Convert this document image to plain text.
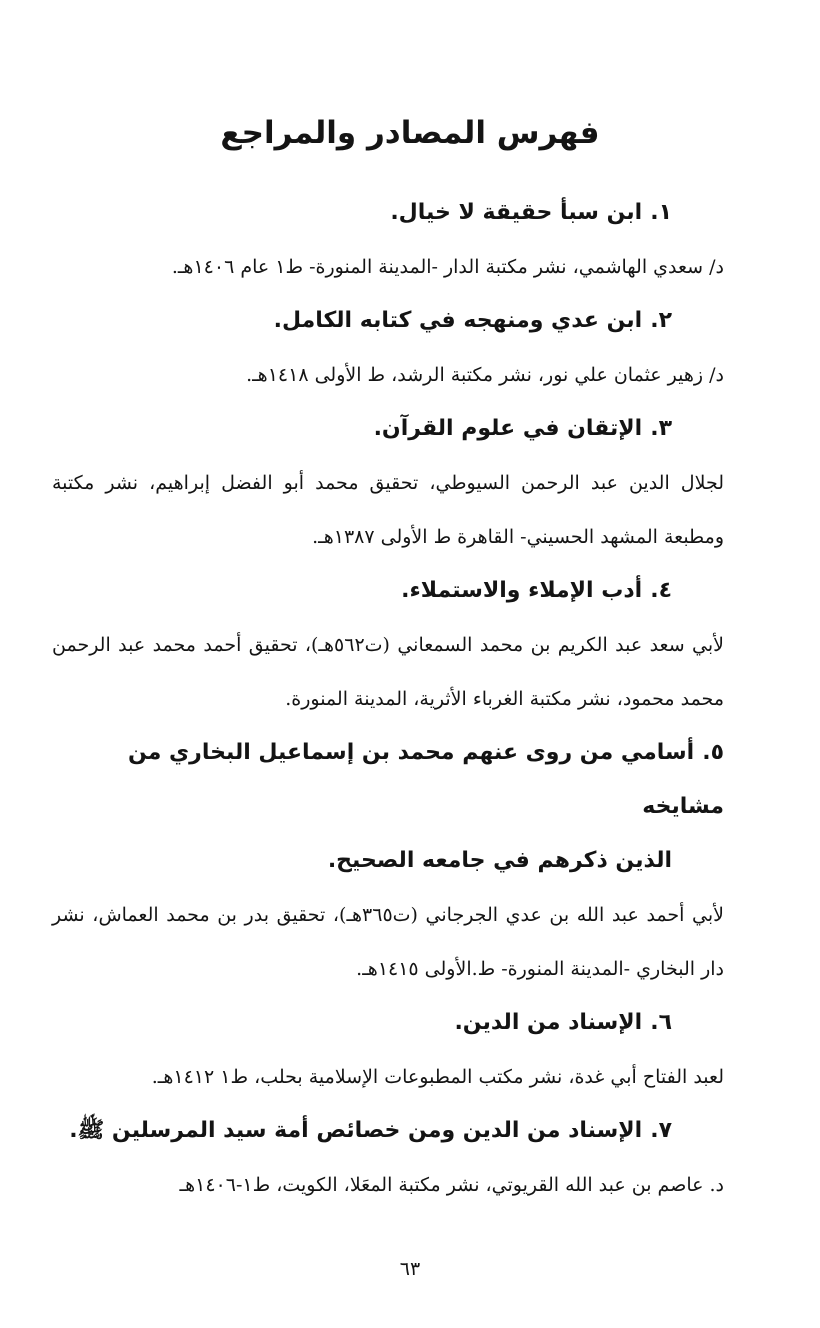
فهرس المصادر والمراجع

١.ابن سبأ حقيقة لا خيال.

د/ سعدي الهاشمي، نشر مكتبة الدار -المدينة المنورة- ط١ عام ١٤٠٦هـ.

٢.ابن عدي ومنهجه في كتابه الكامل.

د/ زهير عثمان علي نور، نشر مكتبة الرشد، ط الأولى ١٤١٨هـ.

٣.الإتقان في علوم القرآن.

لجلال الدين عبد الرحمن السيوطي، تحقيق محمد أبو الفضل إبراهيم، نشر مكتبة ومطبعة المشهد الحسيني- القاهرة ط الأولى ١٣٨٧هـ.

٤.أدب الإملاء والاستملاء.

لأبي سعد عبد الكريم بن محمد السمعاني (ت٥٦٢هـ)، تحقيق أحمد محمد عبد الرحمن محمد محمود، نشر مكتبة الغرباء الأثرية، المدينة المنورة.

٥.أسامي من روى عنهم محمد بن إسماعيل البخاري من مشايخه
الذين ذكرهم في جامعه الصحيح.

لأبي أحمد عبد الله بن عدي الجرجاني (ت٣٦٥هـ)، تحقيق بدر بن محمد العماش، نشر دار البخاري -المدينة المنورة- ط.الأولى ١٤١٥هـ.

٦.الإسناد من الدين.

لعبد الفتاح أبي غدة، نشر مكتب المطبوعات الإسلامية بحلب، ط١ ١٤١٢هـ.

٧.الإسناد من الدين ومن خصائص أمة سيد المرسلين ﷺ.

د. عاصم بن عبد الله القريوتي، نشر مكتبة المعَلا، الكويت، ط١-١٤٠٦هـ

٦٣
